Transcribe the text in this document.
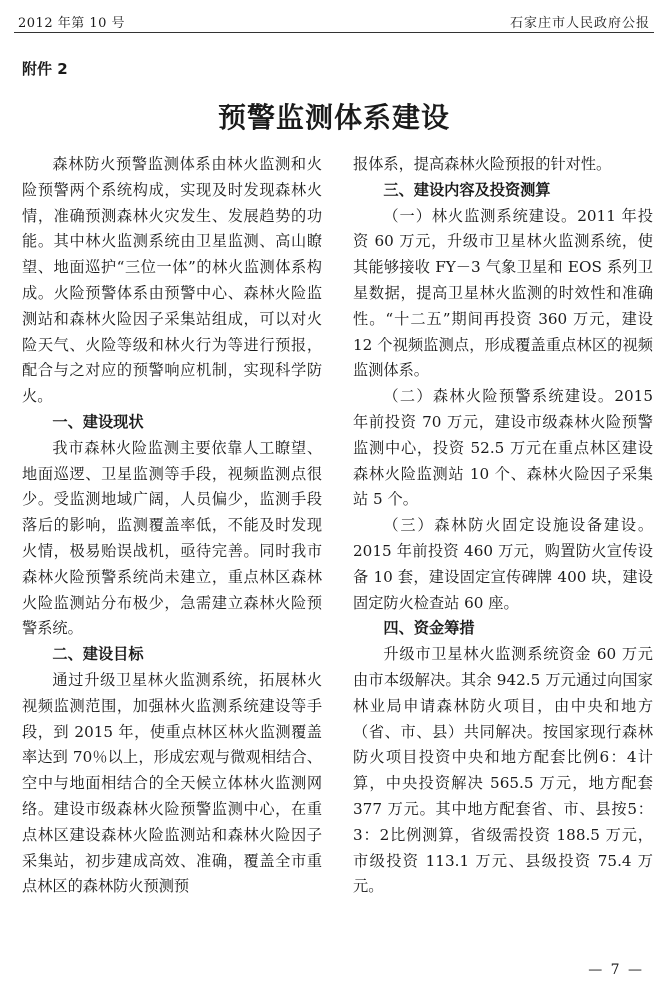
2012 年第 10 号	石家庄市人民政府公报
附件 2
预警监测体系建设

森林防火预警监测体系由林火监测和火险预警两个系统构成，实现及时发现森林火情，准确预测森林火灾发生、发展趋势的功能。其中林火监测系统由卫星监测、高山瞭望、地面巡护“三位一体”的林火监测体系构成。火险预警体系由预警中心、森林火险监测站和森林火险因子采集站组成，可以对火险天气、火险等级和林火行为等进行预报，配合与之对应的预警响应机制，实现科学防火。

一、建设现状

我市森林火险监测主要依靠人工瞭望、地面巡逻、卫星监测等手段，视频监测点很少。受监测地域广阔，人员偏少，监测手段落后的影响，监测覆盖率低，不能及时发现火情，极易贻误战机，亟待完善。同时我市森林火险预警系统尚未建立，重点林区森林火险监测站分布极少，急需建立森林火险预警系统。

二、建设目标

通过升级卫星林火监测系统，拓展林火视频监测范围，加强林火监测系统建设等手段，到 2015 年，使重点林区林火监测覆盖率达到 70％以上，形成宏观与微观相结合、空中与地面相结合的全天候立体林火监测网络。建设市级森林火险预警监测中心，在重点林区建设森林火险监测站和森林火险因子采集站，初步建成高效、准确，覆盖全市重点林区的森林防火预测预

报体系，提高森林火险预报的针对性。

三、建设内容及投资测算

（一）林火监测系统建设。2011 年投资 60 万元，升级市卫星林火监测系统，使其能够接收 FY－3 气象卫星和 EOS 系列卫星数据，提高卫星林火监测的时效性和准确性。“十二五”期间再投资 360 万元，建设 12 个视频监测点，形成覆盖重点林区的视频监测体系。

（二）森林火险预警系统建设。2015 年前投资 70 万元，建设市级森林火险预警监测中心，投资 52.5 万元在重点林区建设森林火险监测站 10 个、森林火险因子采集站 5 个。

（三）森林防火固定设施设备建设。2015 年前投资 460 万元，购置防火宣传设备 10 套，建设固定宣传碑牌 400 块，建设固定防火检查站 60 座。

四、资金筹措

升级市卫星林火监测系统资金 60 万元由市本级解决。其余 942.5 万元通过向国家林业局申请森林防火项目，由中央和地方（省、市、县）共同解决。按国家现行森林防火项目投资中央和地方配套比例6：4计算，中央投资解决 565.5 万元，地方配套 377 万元。其中地方配套省、市、县按5：3：2比例测算，省级需投资 188.5 万元，市级投资 113.1 万元、县级投资 75.4 万元。

— 7 —
